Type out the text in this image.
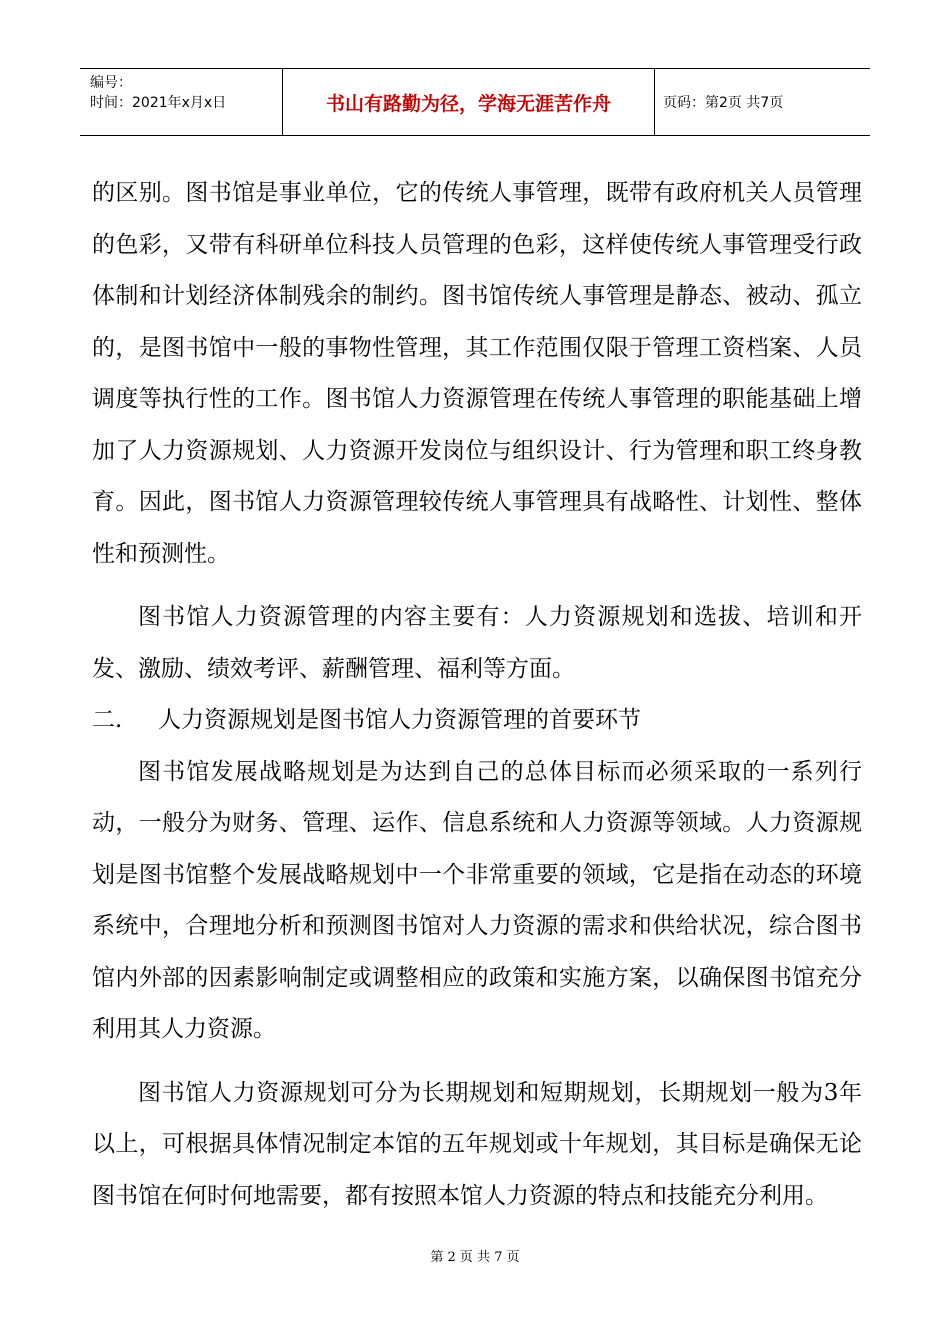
编号：
时间：2021年x月x日	书山有路勤为径，学海无涯苦作舟	页码：第2页 共7页

的区别。图书馆是事业单位，它的传统人事管理，既带有政府机关人员管理的色彩，又带有科研单位科技人员管理的色彩，这样使传统人事管理受行政体制和计划经济体制残余的制约。图书馆传统人事管理是静态、被动、孤立的，是图书馆中一般的事物性管理，其工作范围仅限于管理工资档案、人员调度等执行性的工作。图书馆人力资源管理在传统人事管理的职能基础上增加了人力资源规划、人力资源开发岗位与组织设计、行为管理和职工终身教育。因此，图书馆人力资源管理较传统人事管理具有战略性、计划性、整体性和预测性。

图书馆人力资源管理的内容主要有：人力资源规划和选拔、培训和开发、激励、绩效考评、薪酬管理、福利等方面。

二.	人力资源规划是图书馆人力资源管理的首要环节

图书馆发展战略规划是为达到自己的总体目标而必须采取的一系列行动，一般分为财务、管理、运作、信息系统和人力资源等领域。人力资源规划是图书馆整个发展战略规划中一个非常重要的领域，它是指在动态的环境系统中，合理地分析和预测图书馆对人力资源的需求和供给状况，综合图书馆内外部的因素影响制定或调整相应的政策和实施方案，以确保图书馆充分利用其人力资源。

图书馆人力资源规划可分为长期规划和短期规划，长期规划一般为3年以上，可根据具体情况制定本馆的五年规划或十年规划，其目标是确保无论图书馆在何时何地需要，都有按照本馆人力资源的特点和技能充分利用。

第 2 页 共 7 页
